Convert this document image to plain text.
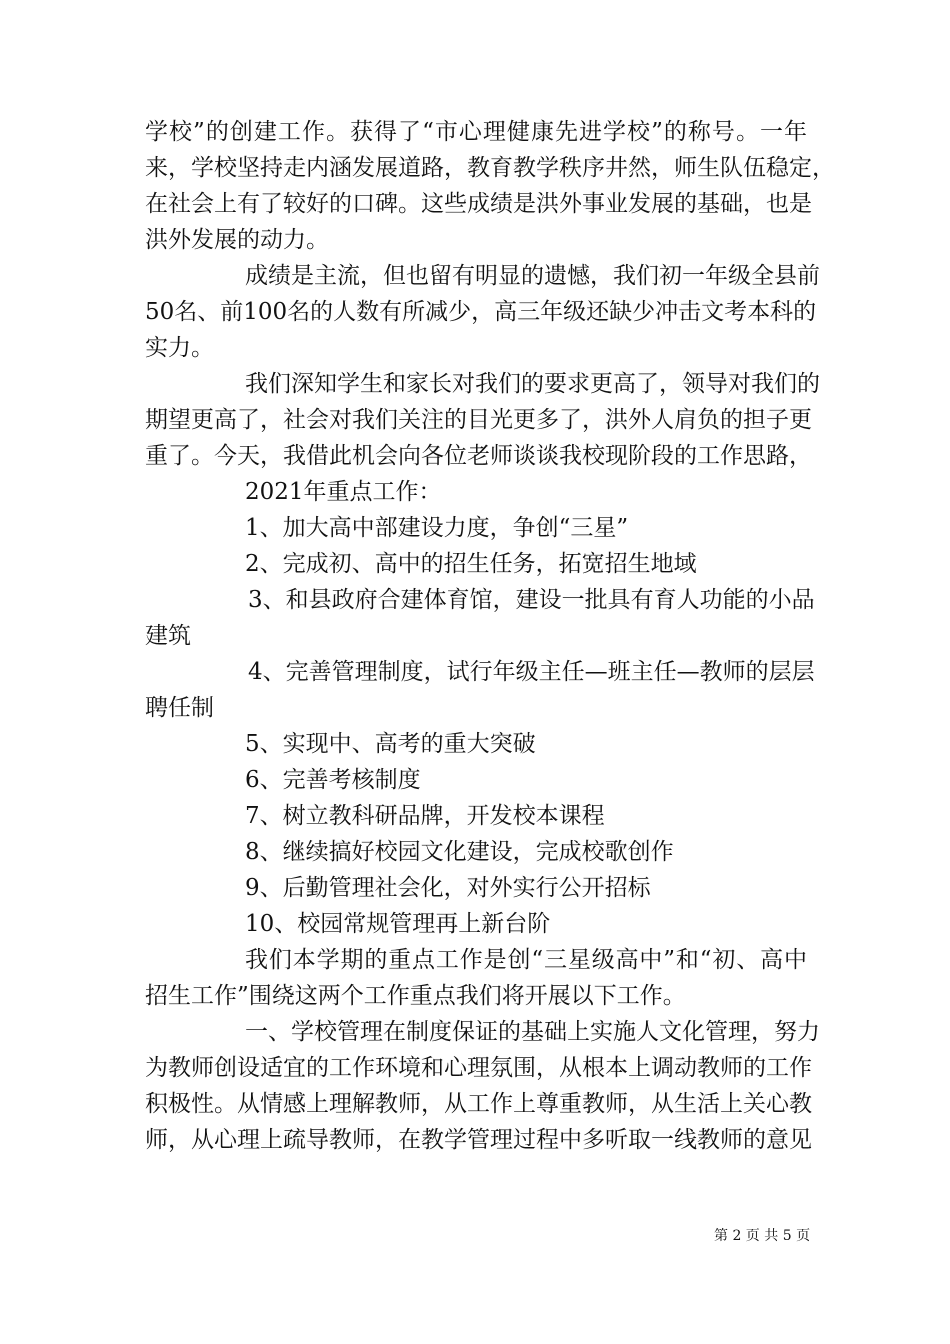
学校”的创建工作。获得了“市心理健康先进学校”的称号。一年
来，学校坚持走内涵发展道路，教育教学秩序井然，师生队伍稳定，
在社会上有了较好的口碑。这些成绩是洪外事业发展的基础，也是
洪外发展的动力。
成绩是主流，但也留有明显的遗憾，我们初一年级全县前
50名、前100名的人数有所减少，高三年级还缺少冲击文考本科的
实力。
我们深知学生和家长对我们的要求更高了，领导对我们的
期望更高了，社会对我们关注的目光更多了，洪外人肩负的担子更
重了。今天，我借此机会向各位老师谈谈我校现阶段的工作思路，
2021年重点工作：
1、加大高中部建设力度，争创“三星”
2、完成初、高中的招生任务，拓宽招生地域
3、和县政府合建体育馆，建设一批具有育人功能的小品
建筑
4、完善管理制度，试行年级主任—班主任—教师的层层
聘任制
5、实现中、高考的重大突破
6、完善考核制度
7、树立教科研品牌，开发校本课程
8、继续搞好校园文化建设，完成校歌创作
9、后勤管理社会化，对外实行公开招标
10、校园常规管理再上新台阶
我们本学期的重点工作是创“三星级高中”和“初、高中
招生工作”围绕这两个工作重点我们将开展以下工作。
一、学校管理在制度保证的基础上实施人文化管理，努力
为教师创设适宜的工作环境和心理氛围，从根本上调动教师的工作
积极性。从情感上理解教师，从工作上尊重教师，从生活上关心教
师，从心理上疏导教师，在教学管理过程中多听取一线教师的意见
第 2 页 共 5 页
